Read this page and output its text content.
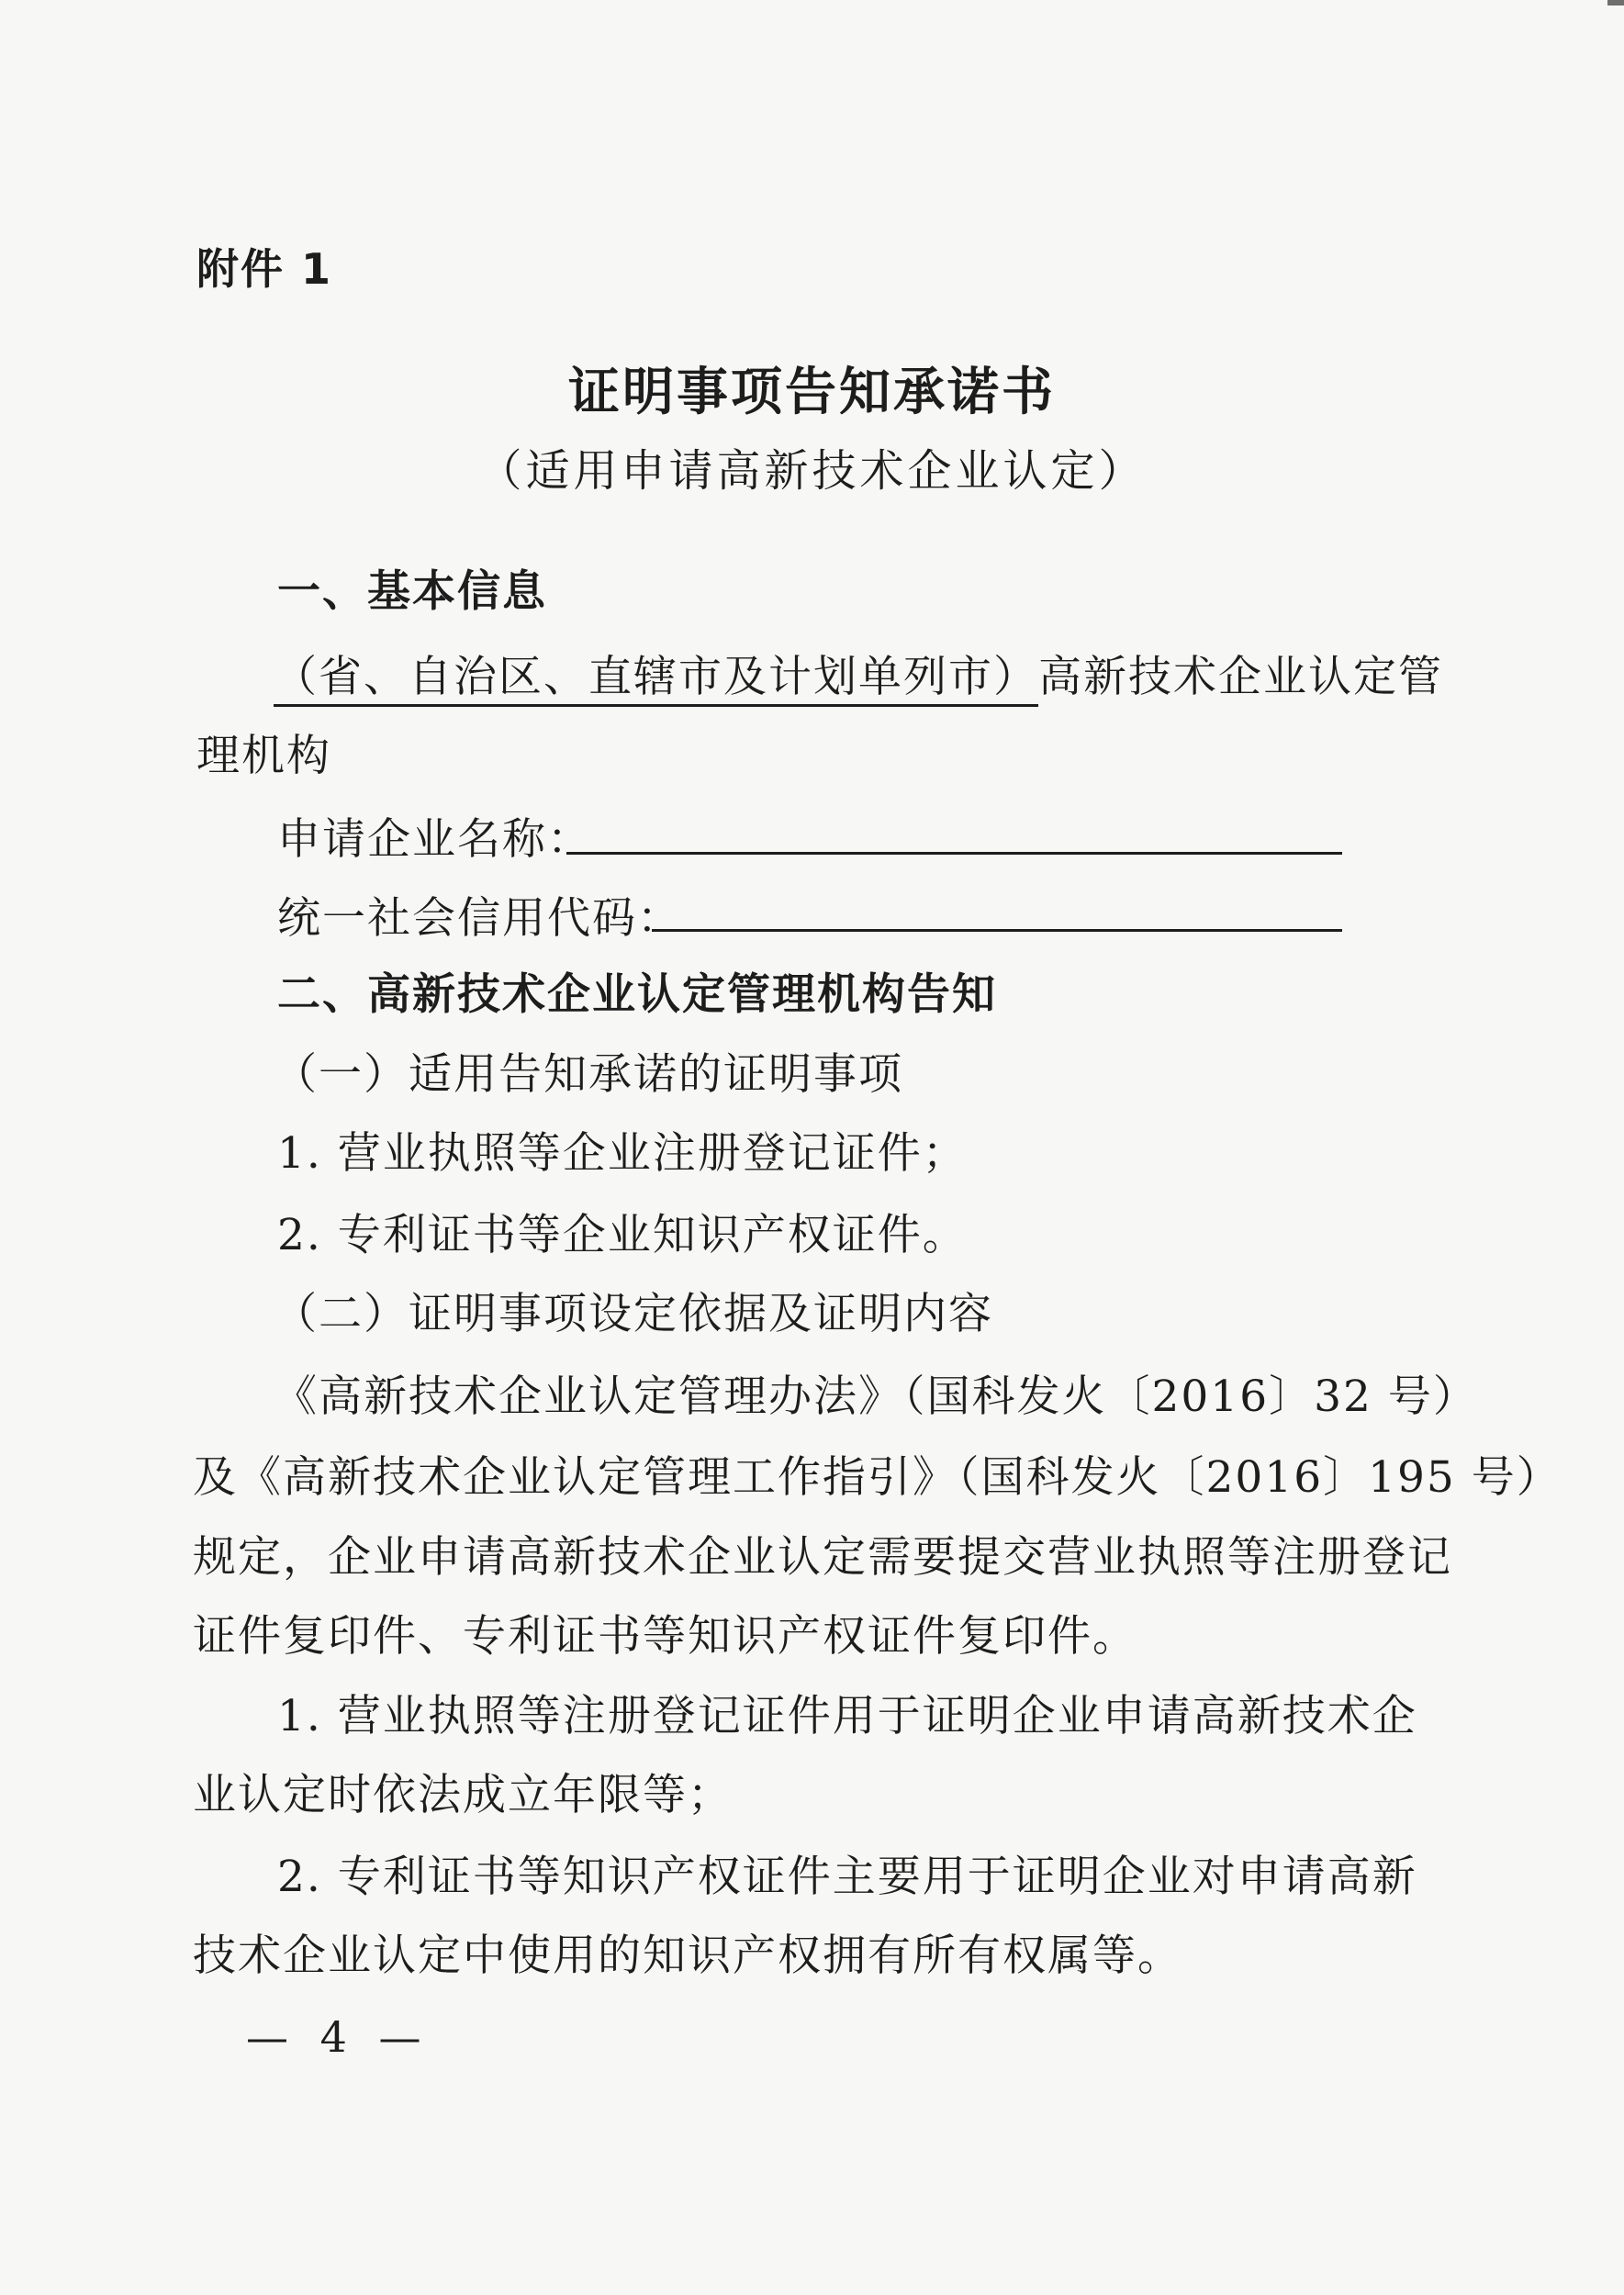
附件 1
证明事项告知承诺书
（适用申请高新技术企业认定）
一、基本信息
（省、自治区、直辖市及计划单列市）高新技术企业认定管
理机构
申请企业名称：
统一社会信用代码：
二、高新技术企业认定管理机构告知
（一）适用告知承诺的证明事项
1. 营业执照等企业注册登记证件；
2. 专利证书等企业知识产权证件。
（二）证明事项设定依据及证明内容
《高新技术企业认定管理办法》（国科发火〔2016〕32 号）
及《高新技术企业认定管理工作指引》（国科发火〔2016〕195 号）
规定，企业申请高新技术企业认定需要提交营业执照等注册登记
证件复印件、专利证书等知识产权证件复印件。
1. 营业执照等注册登记证件用于证明企业申请高新技术企
业认定时依法成立年限等；
2. 专利证书等知识产权证件主要用于证明企业对申请高新
技术企业认定中使用的知识产权拥有所有权属等。
— 4 —
